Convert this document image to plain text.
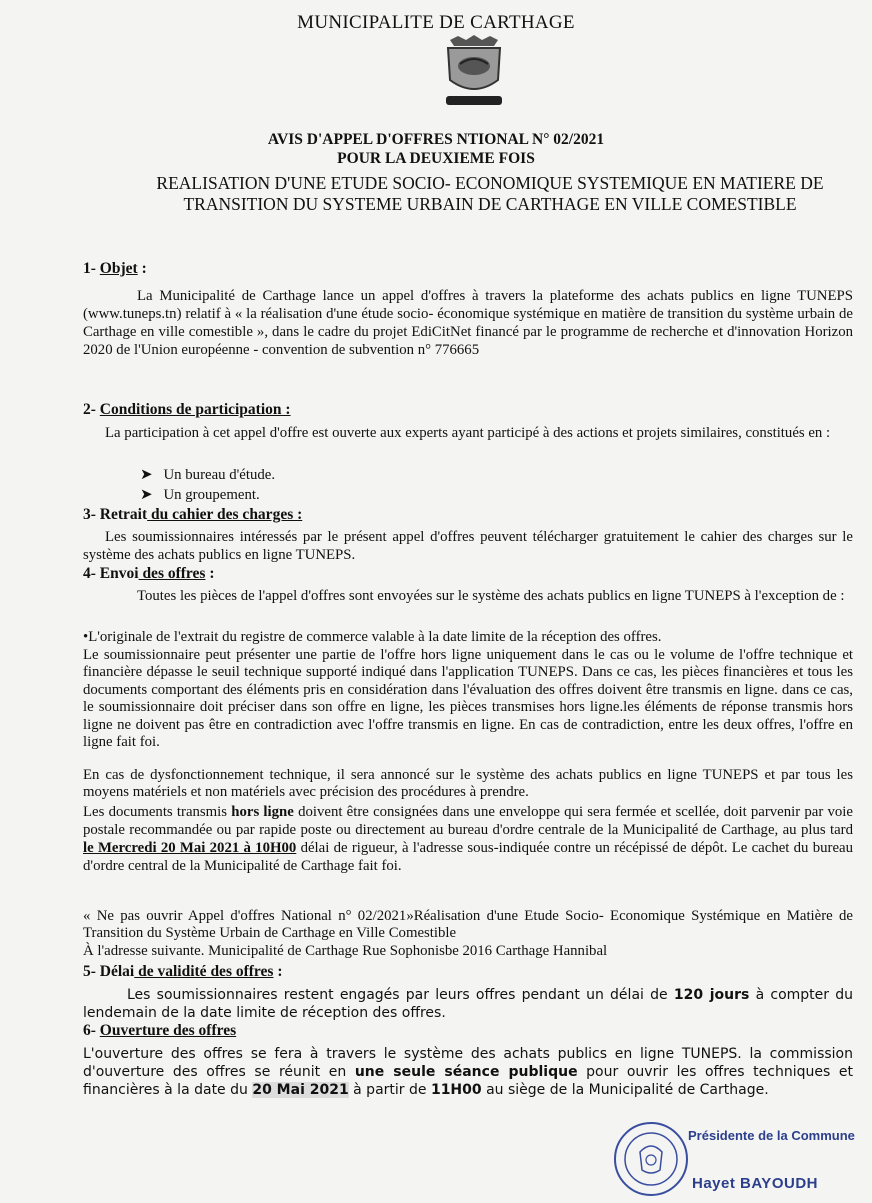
MUNICIPALITE DE CARTHAGE
AVIS D'APPEL D'OFFRES NTIONAL N° 02/2021
POUR LA DEUXIEME FOIS
REALISATION D'UNE ETUDE SOCIO- ECONOMIQUE SYSTEMIQUE EN MATIERE DE TRANSITION DU SYSTEME URBAIN DE CARTHAGE EN VILLE COMESTIBLE
1- Objet :
La Municipalité de Carthage lance un appel d'offres à travers la plateforme des achats publics en ligne TUNEPS (www.tuneps.tn) relatif à « la réalisation d'une étude socio- économique systémique en matière de transition du système urbain de Carthage en ville comestible », dans le cadre du projet EdiCitNet financé par le programme de recherche et d'innovation Horizon 2020 de l'Union européenne - convention de subvention n° 776665
2- Conditions de participation :
La participation à cet appel d'offre est ouverte aux experts ayant participé à des actions et projets similaires, constitués en :
➤   Un bureau d'étude.
➤   Un groupement.
3- Retrait du cahier des charges :
Les soumissionnaires intéressés par le présent appel d'offres peuvent télécharger gratuitement le cahier des charges sur le système des achats publics en ligne TUNEPS.
4- Envoi des offres :
Toutes les pièces de l'appel d'offres sont envoyées sur le système des achats publics en ligne TUNEPS à l'exception de :
•L'originale de l'extrait du registre de commerce valable à la date limite de la réception des offres.
Le soumissionnaire peut présenter une partie de l'offre hors ligne uniquement dans le cas ou le volume de l'offre technique et financière dépasse le seuil technique supporté indiqué dans l'application TUNEPS. Dans ce cas, les pièces financières et tous les documents comportant des éléments pris en considération dans l'évaluation des offres doivent être transmis en ligne. dans ce cas, le soumissionnaire doit préciser dans son offre en ligne, les pièces transmises hors ligne.les éléments de réponse transmis hors ligne ne doivent pas être en contradiction avec l'offre transmis en ligne. En cas de contradiction, entre les deux offres, l'offre en ligne fait foi.
En cas de dysfonctionnement technique, il sera annoncé sur le système des achats publics en ligne TUNEPS et par tous les moyens matériels et non matériels avec précision des procédures à prendre.
Les documents transmis hors ligne doivent être consignées dans une enveloppe qui sera fermée et scellée, doit parvenir par voie postale recommandée ou par rapide poste ou directement au bureau d'ordre centrale de la Municipalité de Carthage, au plus tard le Mercredi 20 Mai 2021 à 10H00 délai de rigueur, à l'adresse sous-indiquée contre un récépissé de dépôt. Le cachet du bureau d'ordre central de la Municipalité de Carthage fait foi.
« Ne pas ouvrir Appel d'offres National n° 02/2021»Réalisation d'une Etude Socio- Economique Systémique en Matière de Transition du Système Urbain de Carthage en Ville Comestible
À l'adresse suivante. Municipalité de Carthage Rue Sophonisbe 2016 Carthage Hannibal
5- Délai de validité des offres :
Les soumissionnaires restent engagés par leurs offres pendant un délai de 120 jours à compter du lendemain de la date limite de réception des offres.
6- Ouverture des offres
L'ouverture des offres se fera à travers le système des achats publics en ligne TUNEPS. la commission d'ouverture des offres se réunit en une seule séance publique pour ouvrir les offres techniques et financières à la date du 20 Mai 2021 à partir de 11H00 au siège de la Municipalité de Carthage.
Présidente de la Commune
Hayet BAYOUDH
